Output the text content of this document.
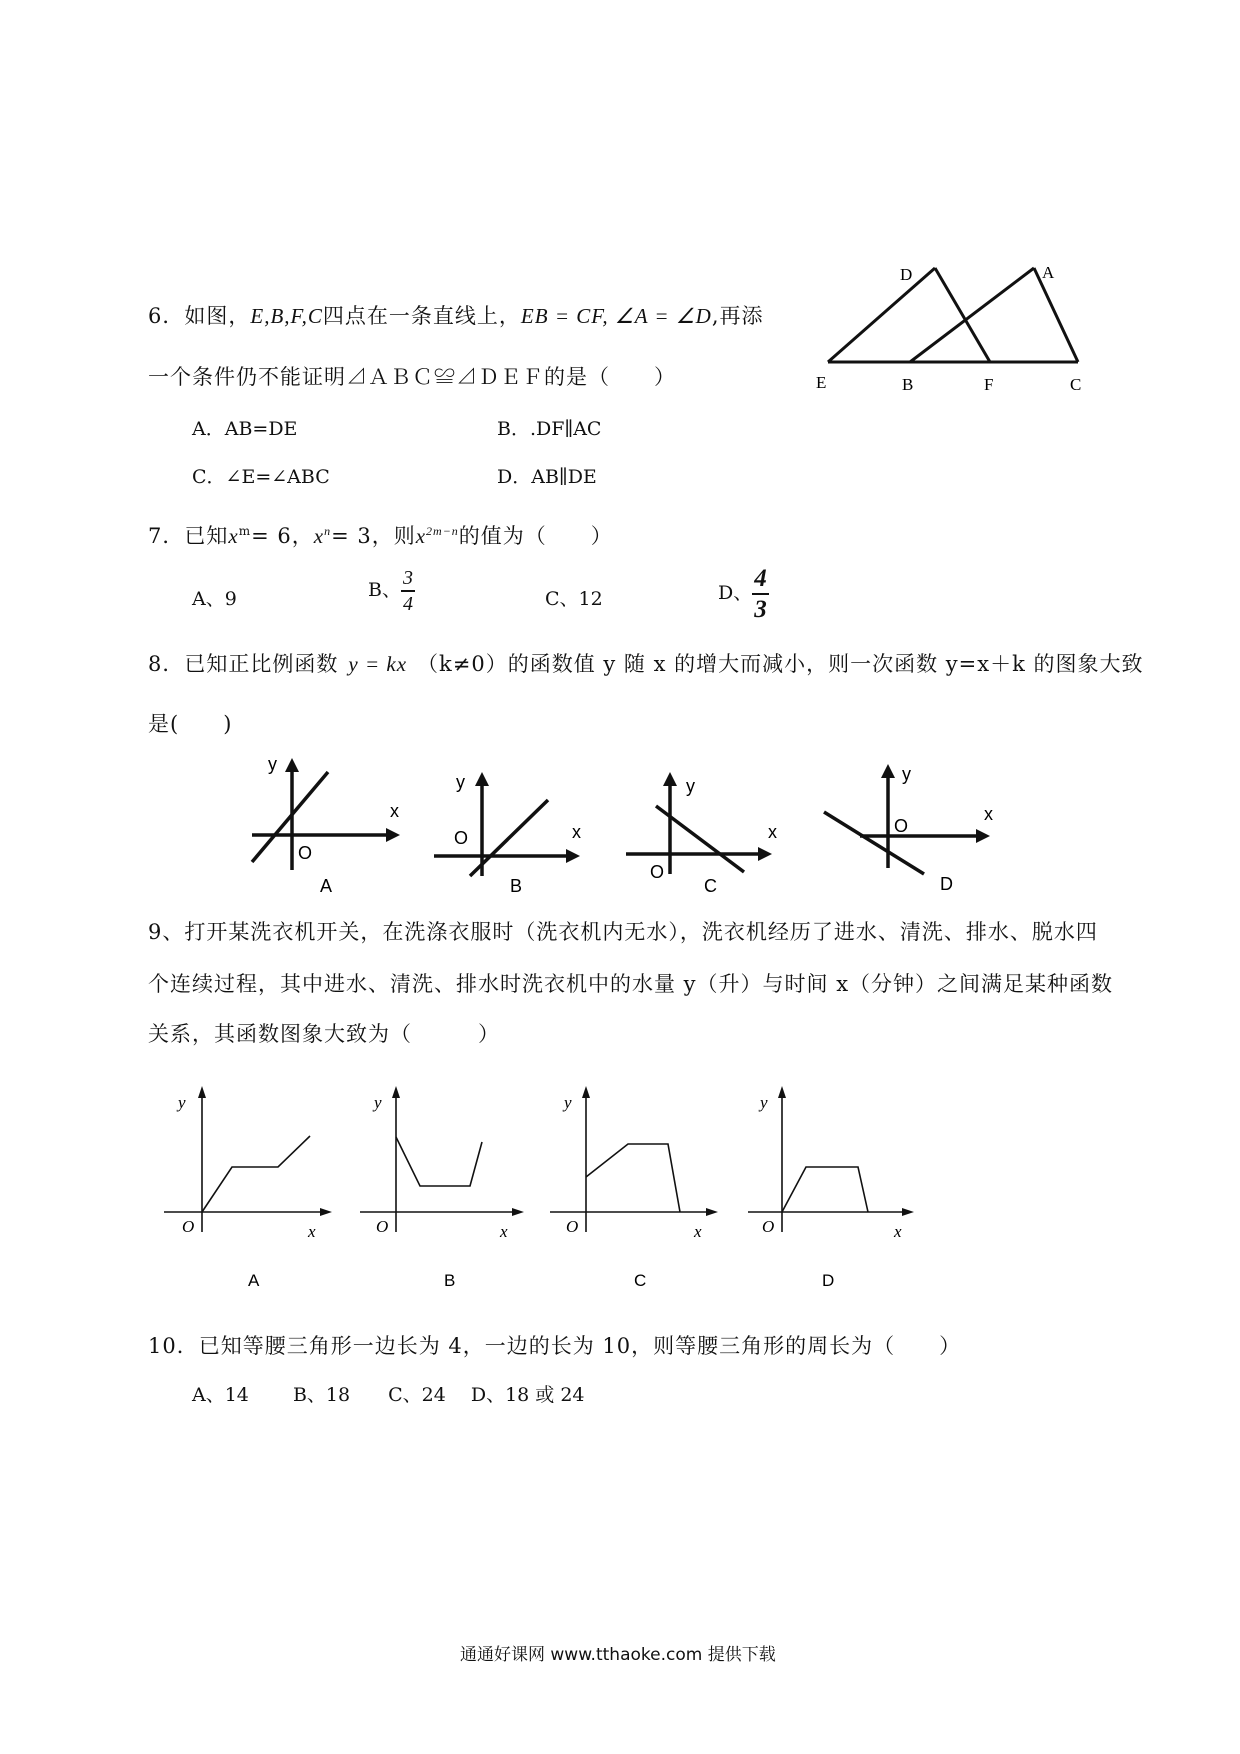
6．如图，E,B,F,C四点在一条直线上，EB = CF, ∠A = ∠D,再添
一个条件仍不能证明⊿ＡＢＣ≌⊿ＤＥＦ的是（　　）
A．AB=DE	B．.DF∥AC
C．∠E=∠ABC	D．AB∥DE
D	A
E	B	F	C
7．已知$x^m= 6$，$x^n= 3$，则$x^{2m-n}$的值为（　　）
A、9	B、 $\frac{3}{4}$	C、12	D、 $\frac{4}{3}$
8．已知正比例函数 y = kx （k≠0）的函数值 y 随 x 的增大而减小，则一次函数 y=x＋k 的图象大致
是(　　)
x
y
O
A
x
y
O
B
x
y
O
C
x
y
O
D
9、打开某洗衣机开关，在洗涤衣服时（洗衣机内无水），洗衣机经历了进水、清洗、排水、脱水四
个连续过程，其中进水、清洗、排水时洗衣机中的水量 y（升）与时间 x（分钟）之间满足某种函数
关系，其函数图象大致为（　　　）
y
O	x
A
y
O	x
B
y
O	x
C
y
O	x
D
10．已知等腰三角形一边长为 4，一边的长为 10，则等腰三角形的周长为（　　）
A、14　　 B、18　　C、24　 D、18 或 24
通通好课网 www.tthaoke.com 提供下载
